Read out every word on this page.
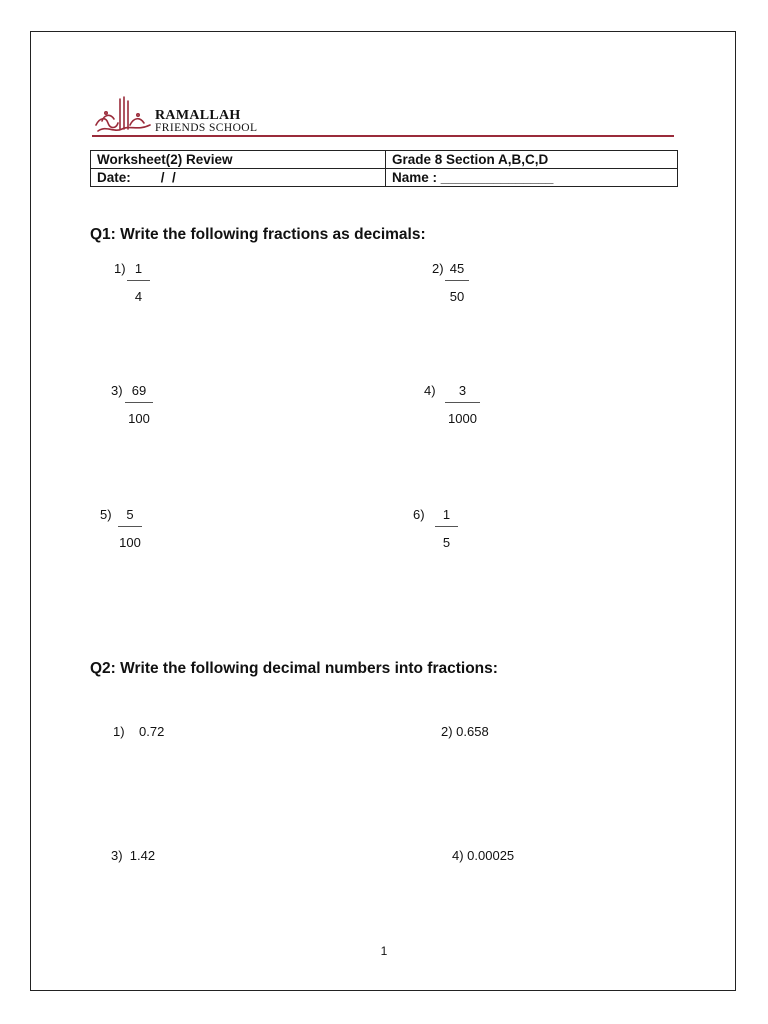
RAMALLAH
FRIENDS SCHOOL
Worksheet(2) Review	Grade 8 Section A,B,C,D
Date:        /  /	Name : _______________
Q1: Write the following fractions as decimals:
$1) \frac{1}{4}$	$2) \frac{45}{50}$
$3) \frac{69}{100}$	$4) \frac{3}{1000}$
$5) \frac{5}{100}$	$6) \frac{1}{5}$
Q2: Write the following decimal numbers into fractions:
1)    0.72	2) 0.658
3)  1.42	4) 0.00025
1
